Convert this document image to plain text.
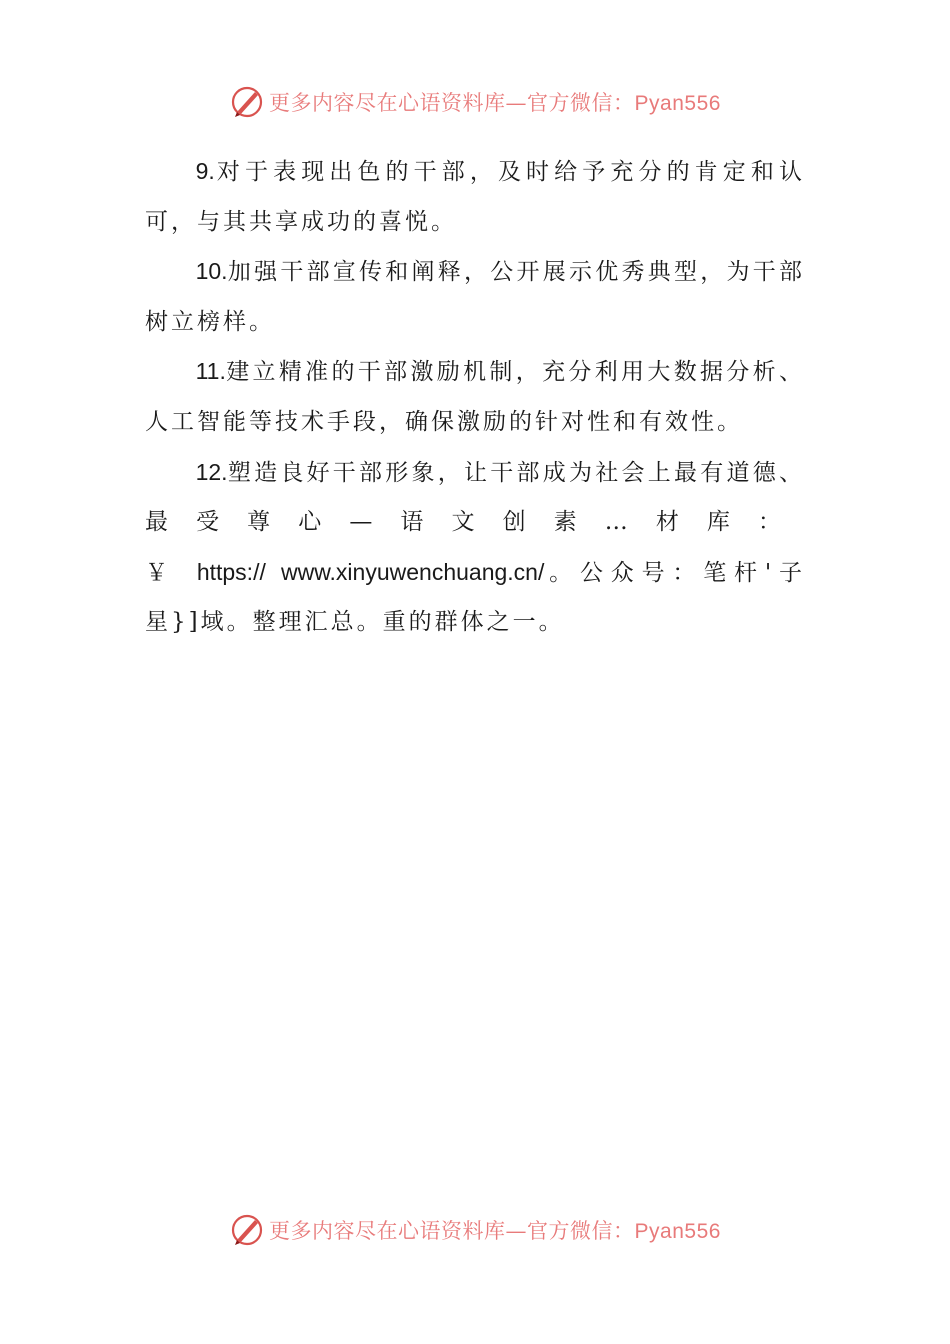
更多内容尽在心语资料库—官方微信：Pyan556

9.对于表现出色的干部，及时给予充分的肯定和认可，与其共享成功的喜悦。

10.加强干部宣传和阐释，公开展示优秀典型，为干部树立榜样。

11.建立精准的干部激励机制，充分利用大数据分析、人工智能等技术手段，确保激励的针对性和有效性。

12.塑造良好干部形象，让干部成为社会上最有道德、最受尊心—语文创素…材库：￥https:// www.xinyuwenchuang.cn/。公众号：笔杆'子星}]域。整理汇总。重的群体之一。

更多内容尽在心语资料库—官方微信：Pyan556
